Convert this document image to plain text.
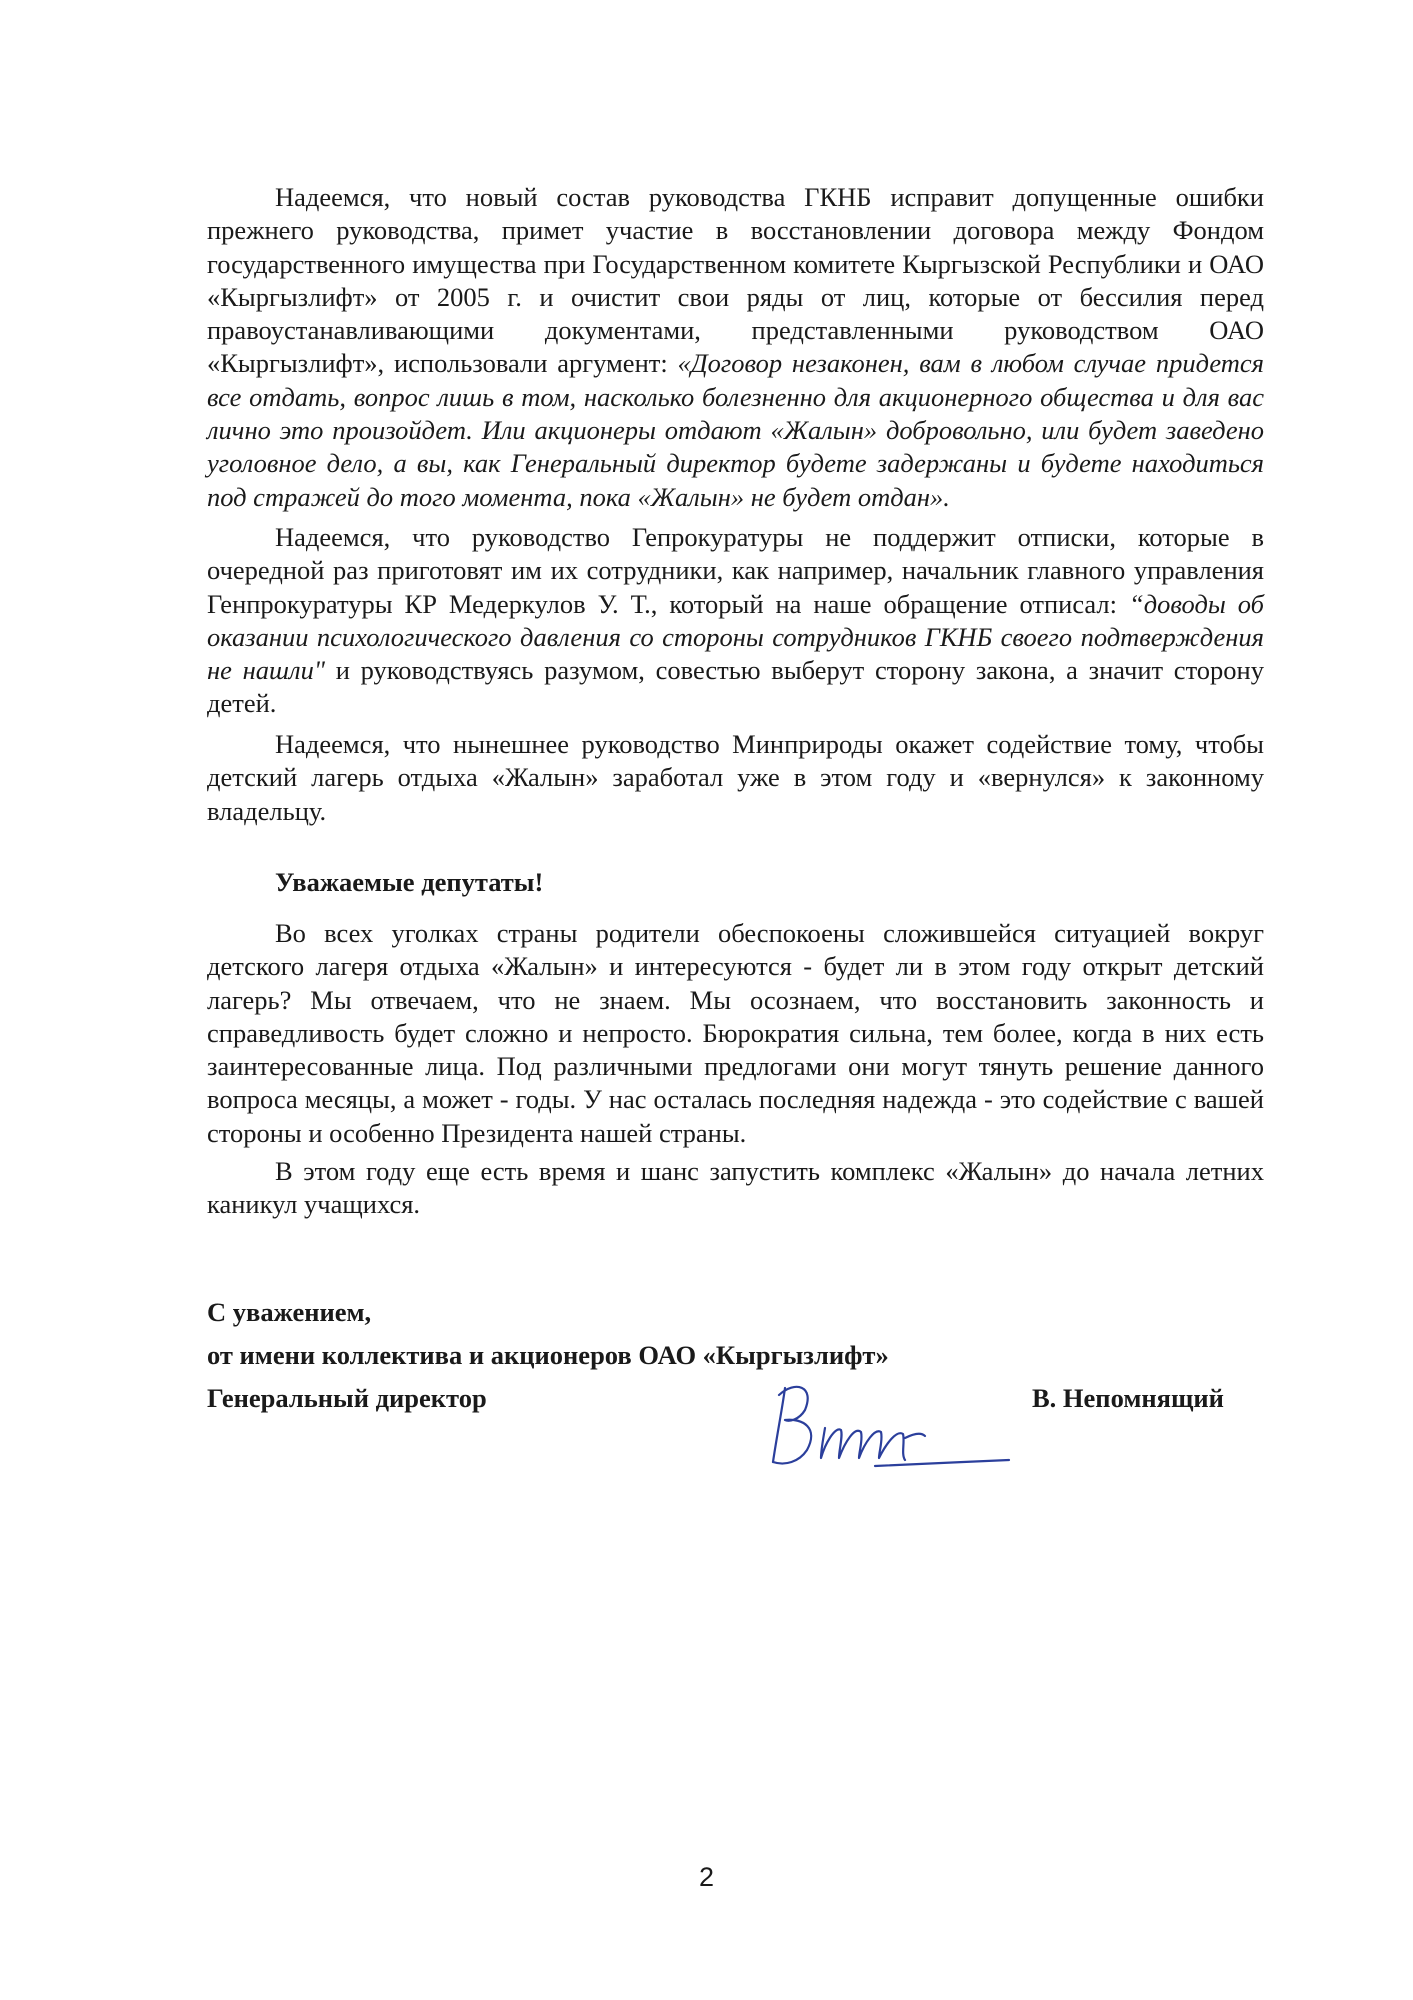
Надеемся, что новый состав руководства ГКНБ исправит допущенные ошибки прежнего руководства, примет участие в восстановлении договора между Фондом государственного имущества при Государственном комитете Кыргызской Республики и ОАО «Кыргызлифт» от 2005 г. и очистит свои ряды от лиц, которые от бессилия перед правоустанавливающими документами, представленными руководством ОАО «Кыргызлифт», использовали аргумент: «Договор незаконен, вам в любом случае придется все отдать, вопрос лишь в том, насколько болезненно для акционерного общества и для вас лично это произойдет. Или акционеры отдают «Жалын» добровольно, или будет заведено уголовное дело, а вы, как Генеральный директор будете задержаны и будете находиться под стражей до того момента, пока «Жалын» не будет отдан».

Надеемся, что руководство Гепрокуратуры не поддержит отписки, которые в очередной раз приготовят им их сотрудники, как например, начальник главного управления Генпрокуратуры КР Медеркулов У. Т., который на наше обращение отписал: “доводы об оказании психологического давления со стороны сотрудников ГКНБ своего подтверждения не нашли" и руководствуясь разумом, совестью выберут сторону закона, а значит сторону детей.

Надеемся, что нынешнее руководство Минприроды окажет содействие тому, чтобы детский лагерь отдыха «Жалын» заработал уже в этом году и «вернулся» к законному владельцу.

Уважаемые депутаты!

Во всех уголках страны родители обеспокоены сложившейся ситуацией вокруг детского лагеря отдыха «Жалын» и интересуются - будет ли в этом году открыт детский лагерь? Мы отвечаем, что не знаем. Мы осознаем, что восстановить законность и справедливость будет сложно и непросто. Бюрократия сильна, тем более, когда в них есть заинтересованные лица. Под различными предлогами они могут тянуть решение данного вопроса месяцы, а может - годы. У нас осталась последняя надежда - это содействие с вашей стороны и особенно Президента нашей страны.

В этом году еще есть время и шанс запустить комплекс «Жалын» до начала летних каникул учащихся.

С уважением,
от имени коллектива и акционеров ОАО «Кыргызлифт»
Генеральный директор	В. Непомнящий
2
